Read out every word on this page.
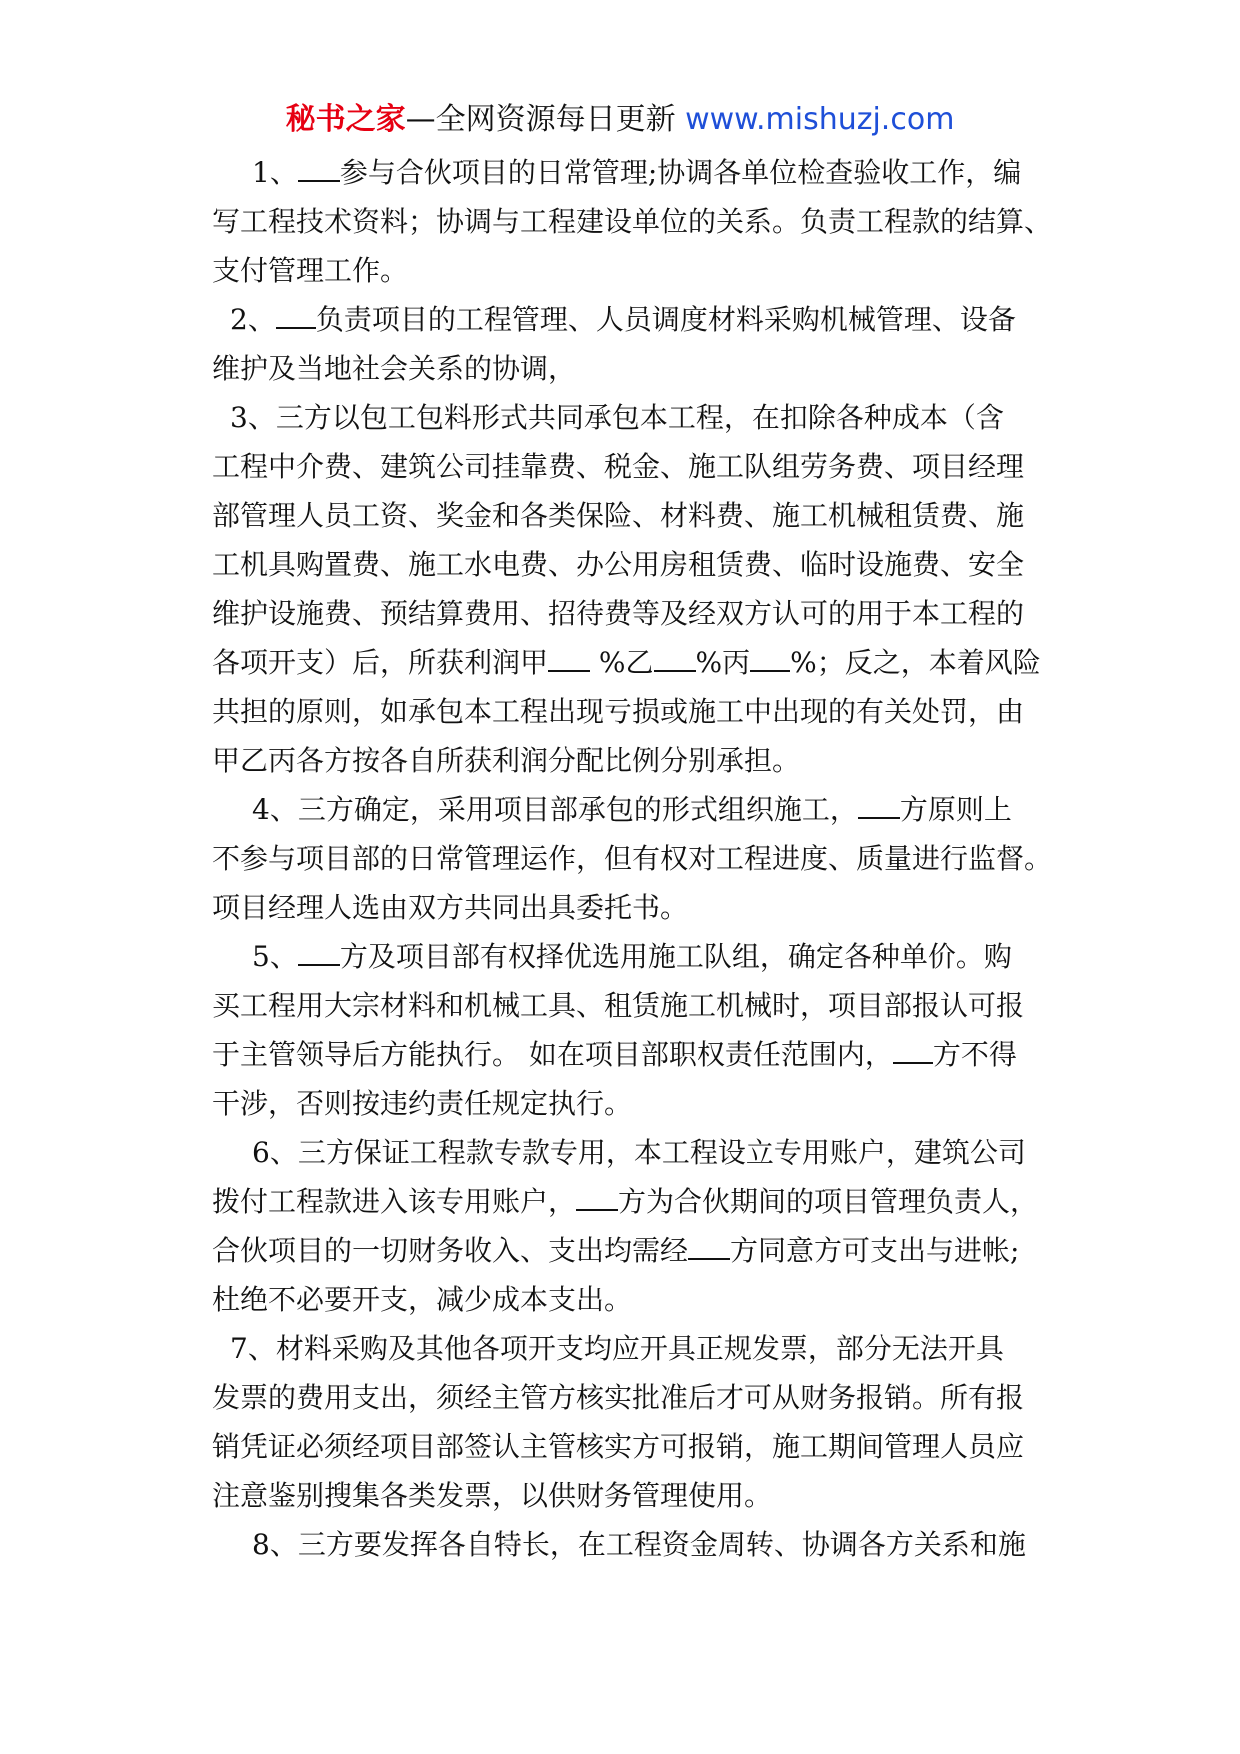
秘书之家—全网资源每日更新 www.mishuzj.com
1、 参与合伙项目的日常管理;协调各单位检查验收工作，编
写工程技术资料；协调与工程建设单位的关系。负责工程款的结算、
支付管理工作。
2、 负责项目的工程管理、人员调度材料采购机械管理、设备
维护及当地社会关系的协调，
3、三方以包工包料形式共同承包本工程，在扣除各种成本（含
工程中介费、建筑公司挂靠费、税金、施工队组劳务费、项目经理
部管理人员工资、奖金和各类保险、材料费、施工机械租赁费、施
工机具购置费、施工水电费、办公用房租赁费、临时设施费、安全
维护设施费、预结算费用、招待费等及经双方认可的用于本工程的
各项开支）后，所获利润甲 %乙 %丙 %；反之，本着风险
共担的原则，如承包本工程出现亏损或施工中出现的有关处罚，由
甲乙丙各方按各自所获利润分配比例分别承担。
4、三方确定，采用项目部承包的形式组织施工， 方原则上
不参与项目部的日常管理运作，但有权对工程进度、质量进行监督。
项目经理人选由双方共同出具委托书。
5、 方及项目部有权择优选用施工队组，确定各种单价。购
买工程用大宗材料和机械工具、租赁施工机械时，项目部报认可报
于主管领导后方能执行。 如在项目部职权责任范围内， 方不得
干涉，否则按违约责任规定执行。
6、三方保证工程款专款专用，本工程设立专用账户，建筑公司
拨付工程款进入该专用账户， 方为合伙期间的项目管理负责人，
合伙项目的一切财务收入、支出均需经 方同意方可支出与进帐;
杜绝不必要开支，减少成本支出。
7、材料采购及其他各项开支均应开具正规发票，部分无法开具
发票的费用支出，须经主管方核实批准后才可从财务报销。所有报
销凭证必须经项目部签认主管核实方可报销，施工期间管理人员应
注意鉴别搜集各类发票，以供财务管理使用。
8、三方要发挥各自特长，在工程资金周转、协调各方关系和施
